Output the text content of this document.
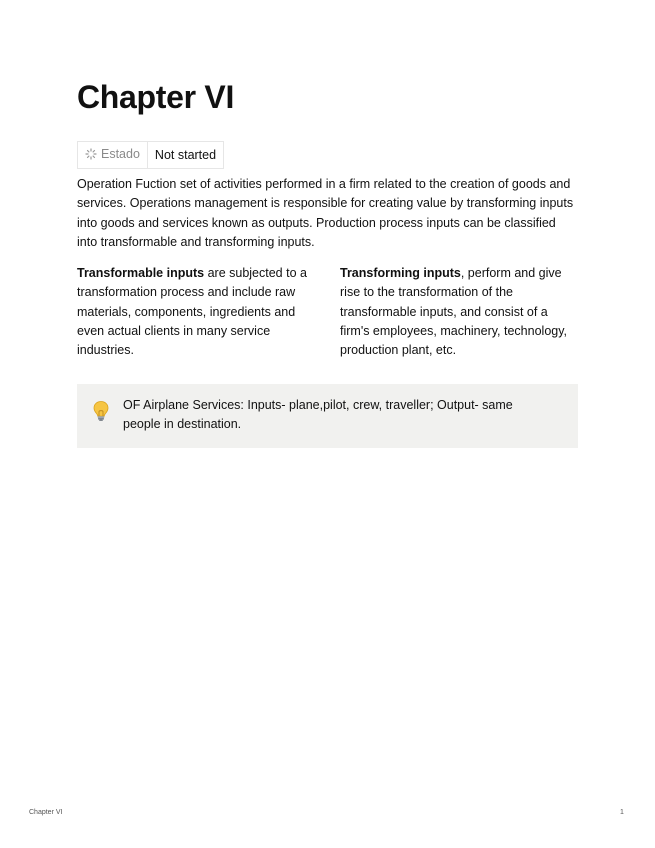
Chapter VI
Estado	Not started

Operation Fuction set of activities performed in a firm related to the creation of goods and services. Operations management is responsible for creating value by transforming inputs into goods and services known as outputs. Production process inputs can be classified into transformable and transforming inputs.

Transformable inputs are subjected to a transformation process and include raw materials, components, ingredients and even actual clients in many service industries.

Transforming inputs, perform and give rise to the transformation of the transformable inputs, and consist of a firm's employees, machinery, technology, production plant, etc.

OF Airplane Services: Inputs- plane,pilot, crew, traveller; Output- same people in destination.

Chapter VI	1
